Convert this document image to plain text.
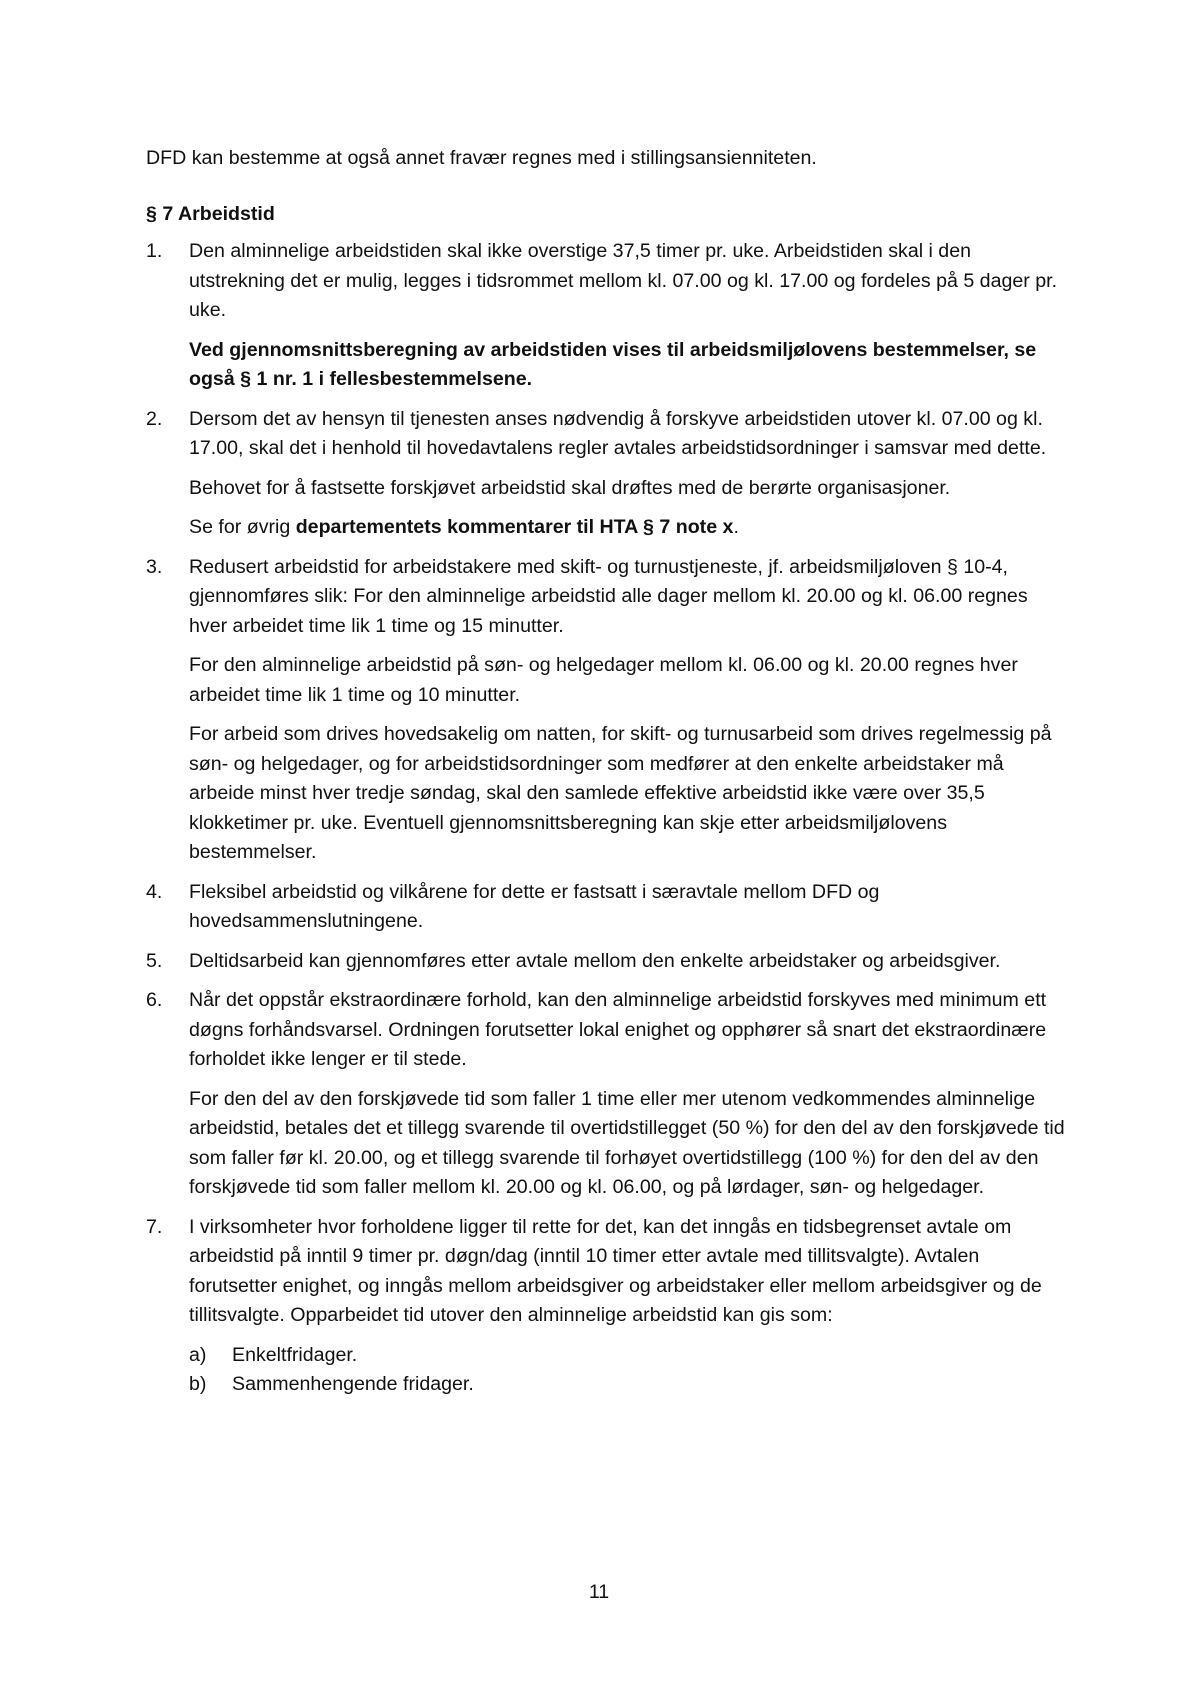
DFD kan bestemme at også annet fravær regnes med i stillingsansienniteten.

§ 7 Arbeidstid

1.	Den alminnelige arbeidstiden skal ikke overstige 37,5 timer pr. uke. Arbeidstiden skal i den utstrekning det er mulig, legges i tidsrommet mellom kl. 07.00 og kl. 17.00 og fordeles på 5 dager pr. uke.

Ved gjennomsnittsberegning av arbeidstiden vises til arbeidsmiljølovens bestemmelser, se også § 1 nr. 1 i fellesbestemmelsene.

2.	Dersom det av hensyn til tjenesten anses nødvendig å forskyve arbeidstiden utover kl. 07.00 og kl. 17.00, skal det i henhold til hovedavtalens regler avtales arbeidstidsordninger i samsvar med dette.

Behovet for å fastsette forskjøvet arbeidstid skal drøftes med de berørte organisasjoner.

Se for øvrig departementets kommentarer til HTA § 7 note x.

3.	Redusert arbeidstid for arbeidstakere med skift- og turnustjeneste, jf. arbeidsmiljøloven § 10-4, gjennomføres slik: For den alminnelige arbeidstid alle dager mellom kl. 20.00 og kl. 06.00 regnes hver arbeidet time lik 1 time og 15 minutter.

For den alminnelige arbeidstid på søn- og helgedager mellom kl. 06.00 og kl. 20.00 regnes hver arbeidet time lik 1 time og 10 minutter.

For arbeid som drives hovedsakelig om natten, for skift- og turnusarbeid som drives regelmessig på søn- og helgedager, og for arbeidstidsordninger som medfører at den enkelte arbeidstaker må arbeide minst hver tredje søndag, skal den samlede effektive arbeidstid ikke være over 35,5 klokketimer pr. uke. Eventuell gjennomsnittsberegning kan skje etter arbeidsmiljølovens bestemmelser.

4.	Fleksibel arbeidstid og vilkårene for dette er fastsatt i særavtale mellom DFD og hovedsammenslutningene.

5.	Deltidsarbeid kan gjennomføres etter avtale mellom den enkelte arbeidstaker og arbeidsgiver.

6.	Når det oppstår ekstraordinære forhold, kan den alminnelige arbeidstid forskyves med minimum ett døgns forhåndsvarsel. Ordningen forutsetter lokal enighet og opphører så snart det ekstraordinære forholdet ikke lenger er til stede.

For den del av den forskjøvede tid som faller 1 time eller mer utenom vedkommendes alminnelige arbeidstid, betales det et tillegg svarende til overtidstillegget (50 %) for den del av den forskjøvede tid som faller før kl. 20.00, og et tillegg svarende til forhøyet overtidstillegg (100 %) for den del av den forskjøvede tid som faller mellom kl. 20.00 og kl. 06.00, og på lørdager, søn- og helgedager.

7.	I virksomheter hvor forholdene ligger til rette for det, kan det inngås en tidsbegrenset avtale om arbeidstid på inntil 9 timer pr. døgn/dag (inntil 10 timer etter avtale med tillitsvalgte). Avtalen forutsetter enighet, og inngås mellom arbeidsgiver og arbeidstaker eller mellom arbeidsgiver og de tillitsvalgte. Opparbeidet tid utover den alminnelige arbeidstid kan gis som:

a)	Enkeltfridager.
b)	Sammenhengende fridager.
11
